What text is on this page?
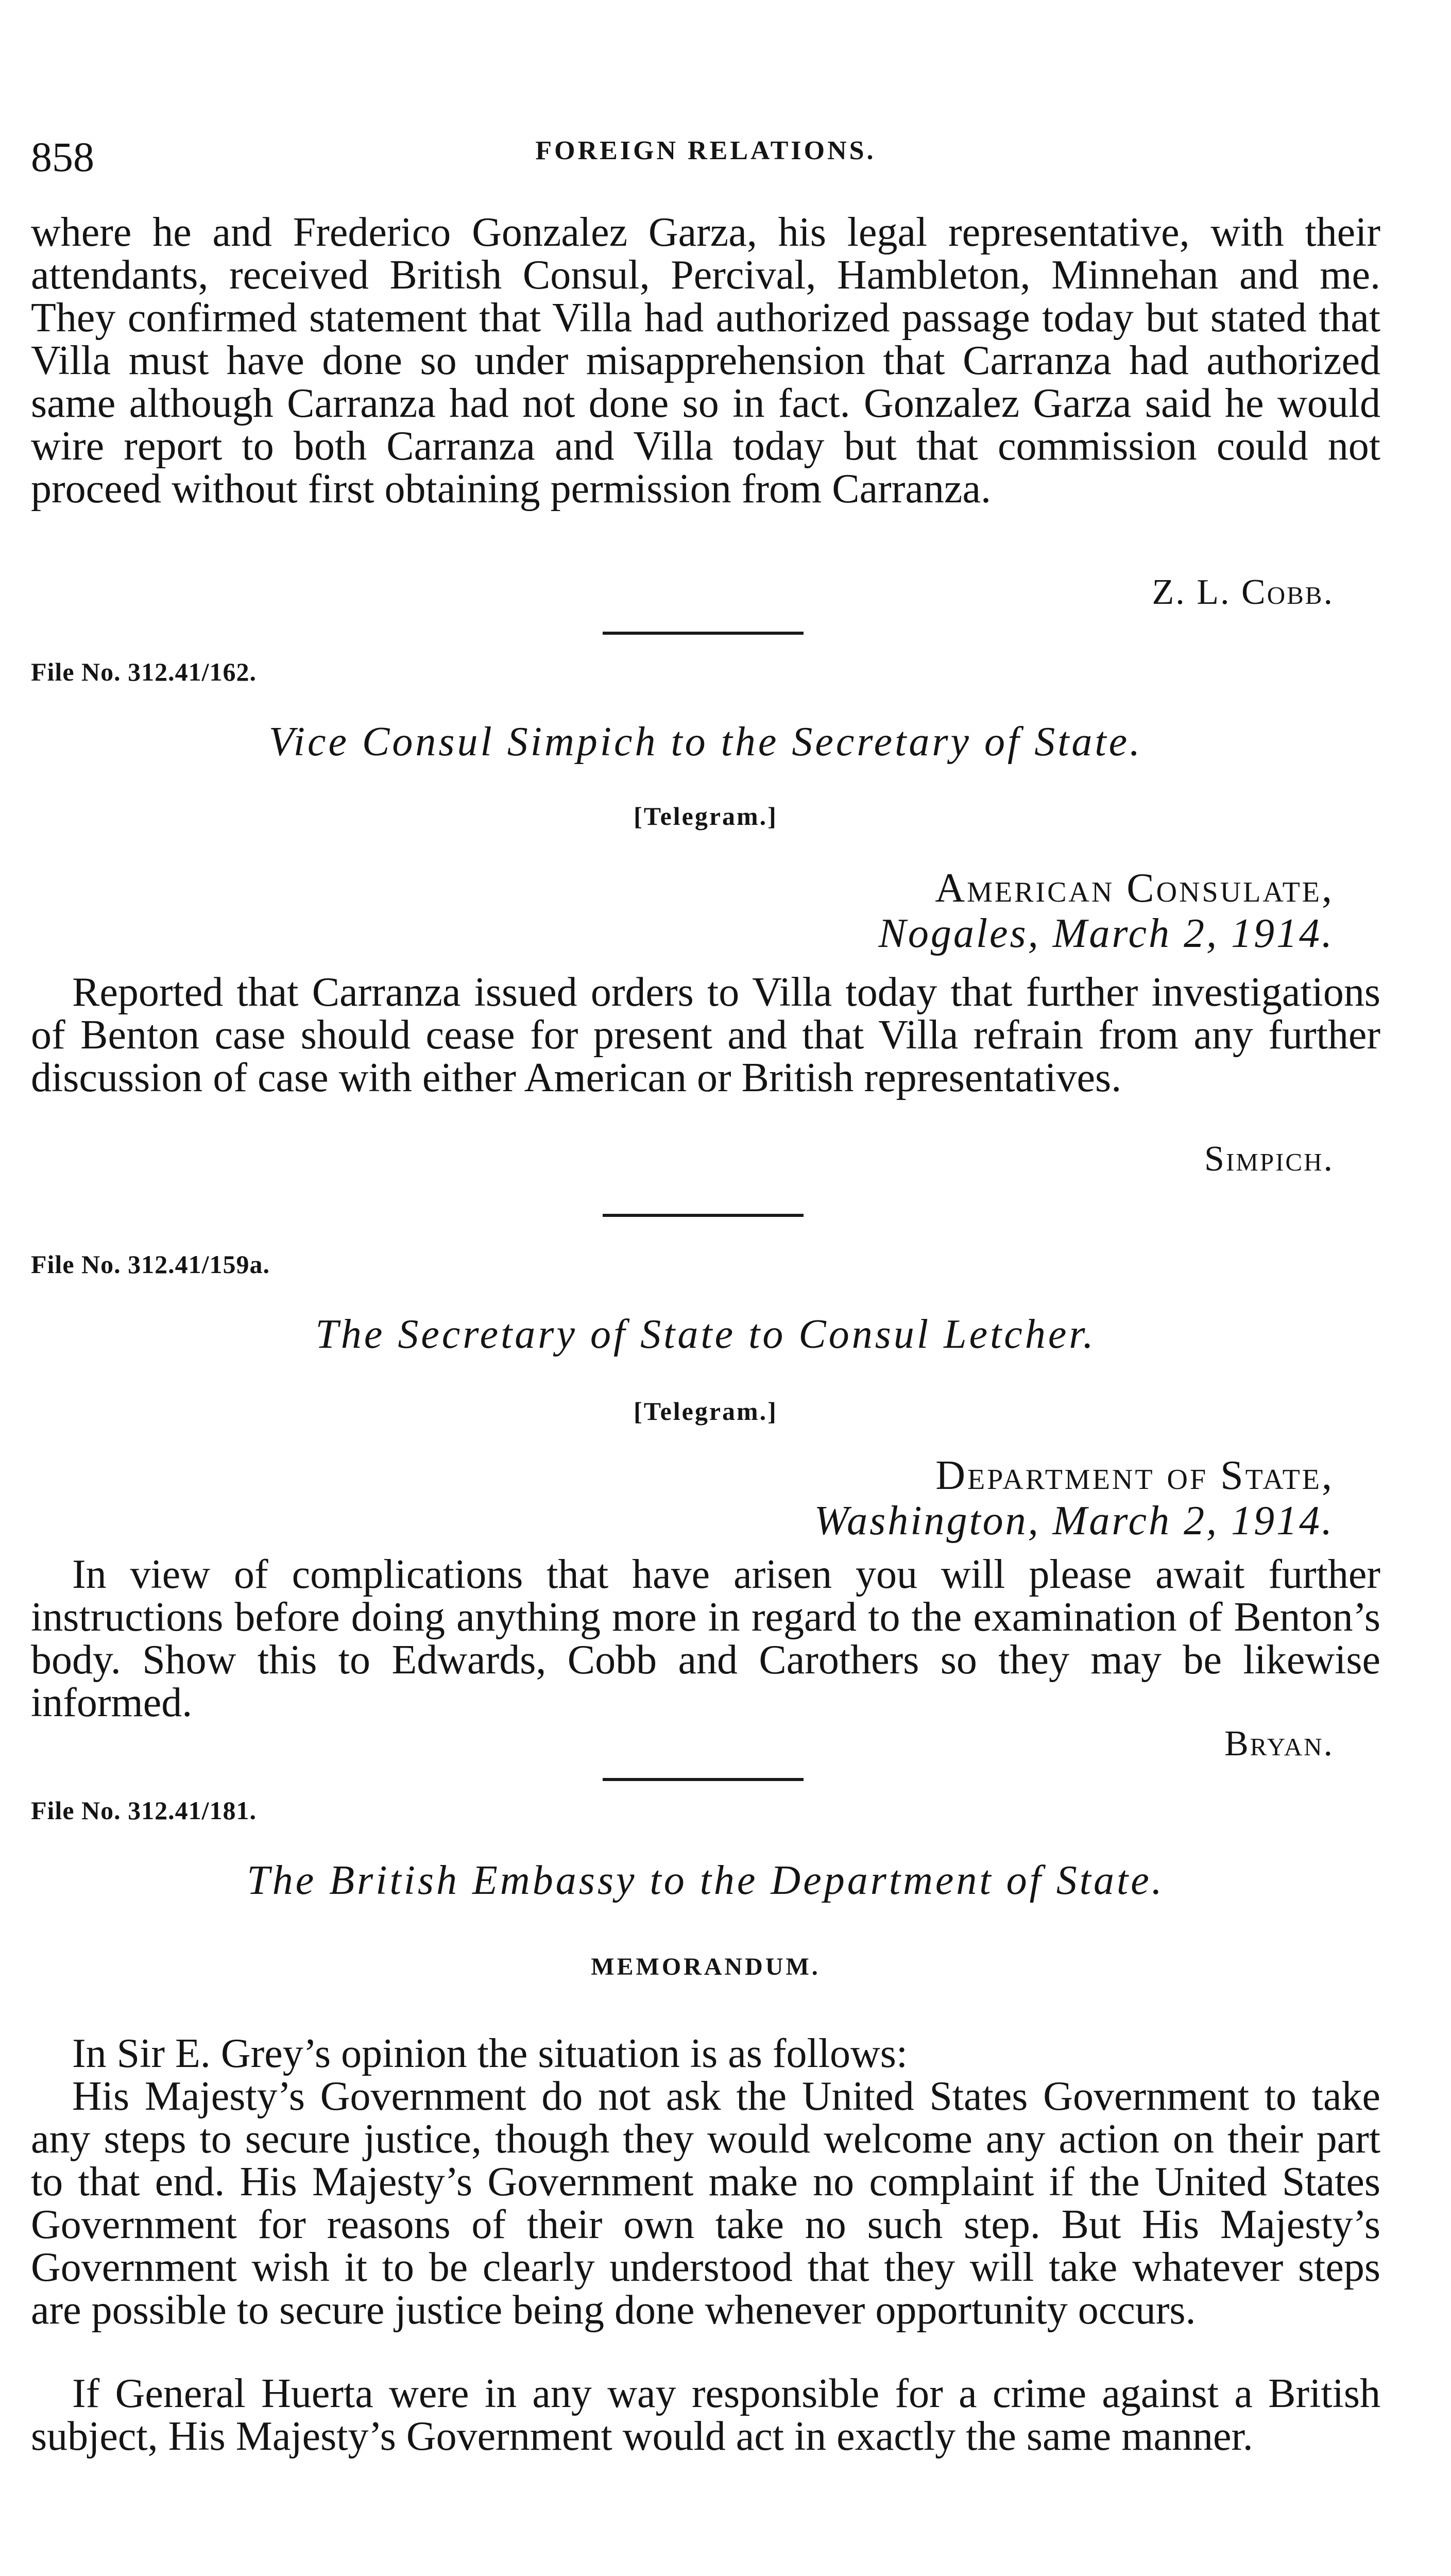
858	FOREIGN RELATIONS.

where he and Frederico Gonzalez Garza, his legal representative, with their attendants, received British Consul, Percival, Hambleton, Minnehan and me. They confirmed statement that Villa had authorized passage today but stated that Villa must have done so under misapprehension that Carranza had authorized same although Carranza had not done so in fact. Gonzalez Garza said he would wire report to both Carranza and Villa today but that commission could not proceed without first obtaining permission from Carranza.

Z. L. Cobb.
File No. 312.41/162.
Vice Consul Simpich to the Secretary of State.
[Telegram.]
American Consulate,
Nogales, March 2, 1914.

Reported that Carranza issued orders to Villa today that further investigations of Benton case should cease for present and that Villa refrain from any further discussion of case with either American or British representatives.

Simpich.
File No. 312.41/159a.
The Secretary of State to Consul Letcher.
[Telegram.]
Department of State,
Washington, March 2, 1914.

In view of complications that have arisen you will please await further instructions before doing anything more in regard to the examination of Benton’s body. Show this to Edwards, Cobb and Carothers so they may be likewise informed.

Bryan.
File No. 312.41/181.
The British Embassy to the Department of State.
MEMORANDUM.

In Sir E. Grey’s opinion the situation is as follows:

His Majesty’s Government do not ask the United States Government to take any steps to secure justice, though they would welcome any action on their part to that end. His Majesty’s Government make no complaint if the United States Government for reasons of their own take no such step. But His Majesty’s Government wish it to be clearly understood that they will take whatever steps are possible to secure justice being done whenever opportunity occurs.

If General Huerta were in any way responsible for a crime against a British subject, His Majesty’s Government would act in exactly the same manner.
